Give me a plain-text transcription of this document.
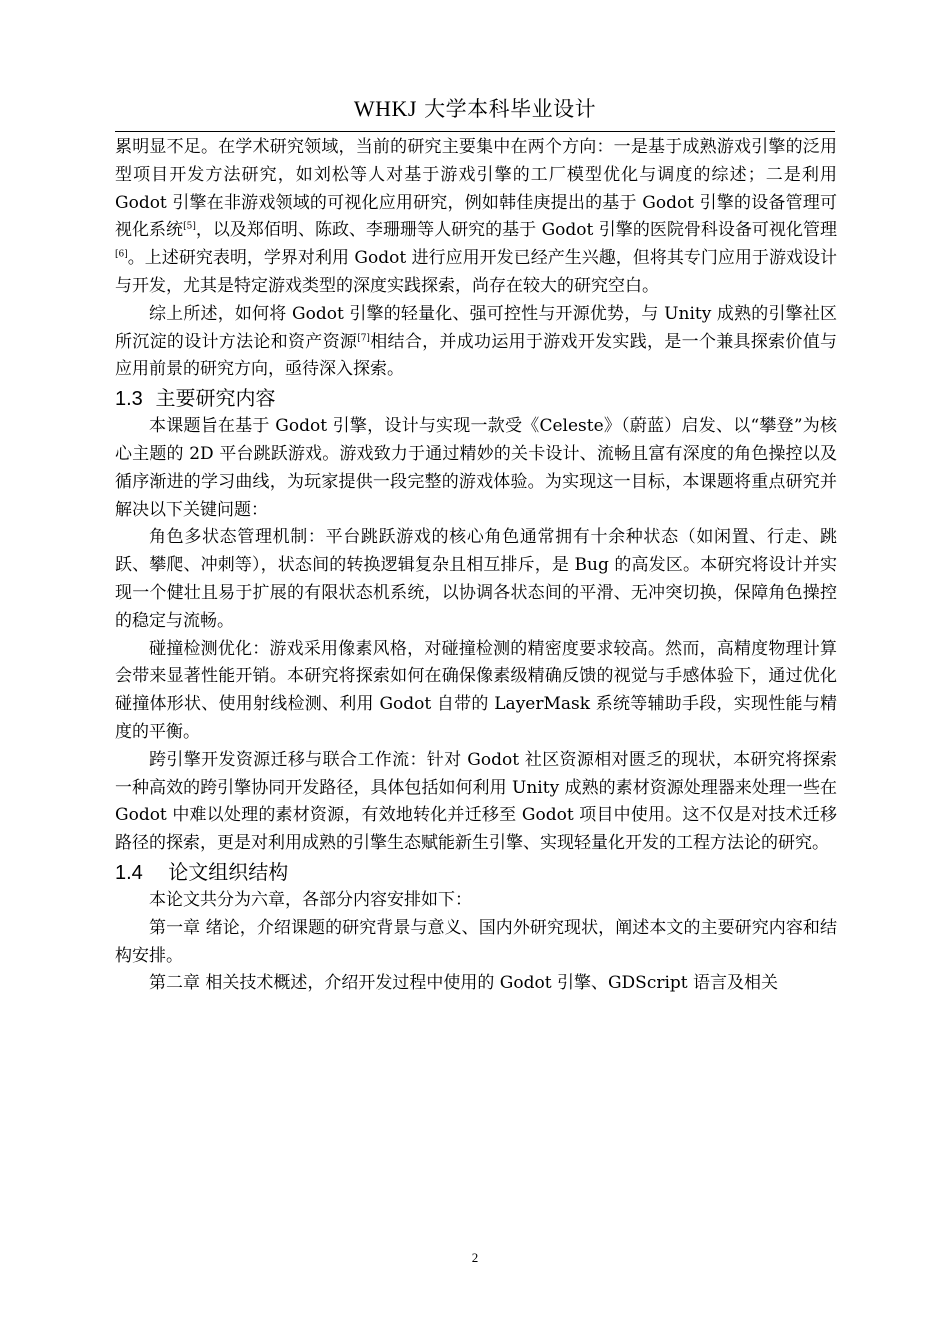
WHKJ 大学本科毕业设计

累明显不足。在学术研究领域，当前的研究主要集中在两个方向：一是基于成熟游戏引擎的泛用型项目开发方法研究，如刘松等人对基于游戏引擎的工厂模型优化与调度的综述；二是利用 Godot 引擎在非游戏领域的可视化应用研究，例如韩佳庚提出的基于 Godot 引擎的设备管理可视化系统[5]，以及郑佰明、陈政、李珊珊等人研究的基于 Godot 引擎的医院骨科设备可视化管理[6]。上述研究表明，学界对利用 Godot 进行应用开发已经产生兴趣，但将其专门应用于游戏设计与开发，尤其是特定游戏类型的深度实践探索，尚存在较大的研究空白。

综上所述，如何将 Godot 引擎的轻量化、强可控性与开源优势，与 Unity 成熟的引擎社区所沉淀的设计方法论和资产资源[7]相结合，并成功运用于游戏开发实践，是一个兼具探索价值与应用前景的研究方向，亟待深入探索。

1.3 主要研究内容

本课题旨在基于 Godot 引擎，设计与实现一款受《Celeste》（蔚蓝）启发、以“攀登”为核心主题的 2D 平台跳跃游戏。游戏致力于通过精妙的关卡设计、流畅且富有深度的角色操控以及循序渐进的学习曲线，为玩家提供一段完整的游戏体验。为实现这一目标，本课题将重点研究并解决以下关键问题：

角色多状态管理机制：平台跳跃游戏的核心角色通常拥有十余种状态（如闲置、行走、跳跃、攀爬、冲刺等），状态间的转换逻辑复杂且相互排斥，是 Bug 的高发区。本研究将设计并实现一个健壮且易于扩展的有限状态机系统，以协调各状态间的平滑、无冲突切换，保障角色操控的稳定与流畅。

碰撞检测优化：游戏采用像素风格，对碰撞检测的精密度要求较高。然而，高精度物理计算会带来显著性能开销。本研究将探索如何在确保像素级精确反馈的视觉与手感体验下，通过优化碰撞体形状、使用射线检测、利用 Godot 自带的 LayerMask 系统等辅助手段，实现性能与精度的平衡。

跨引擎开发资源迁移与联合工作流：针对 Godot 社区资源相对匮乏的现状，本研究将探索一种高效的跨引擎协同开发路径，具体包括如何利用 Unity 成熟的素材资源处理器来处理一些在 Godot 中难以处理的素材资源，有效地转化并迁移至 Godot 项目中使用。这不仅是对技术迁移路径的探索，更是对利用成熟的引擎生态赋能新生引擎、实现轻量化开发的工程方法论的研究。

1.4 论文组织结构

本论文共分为六章，各部分内容安排如下：

第一章 绪论，介绍课题的研究背景与意义、国内外研究现状，阐述本文的主要研究内容和结构安排。

第二章 相关技术概述，介绍开发过程中使用的 Godot 引擎、GDScript 语言及相关

2
